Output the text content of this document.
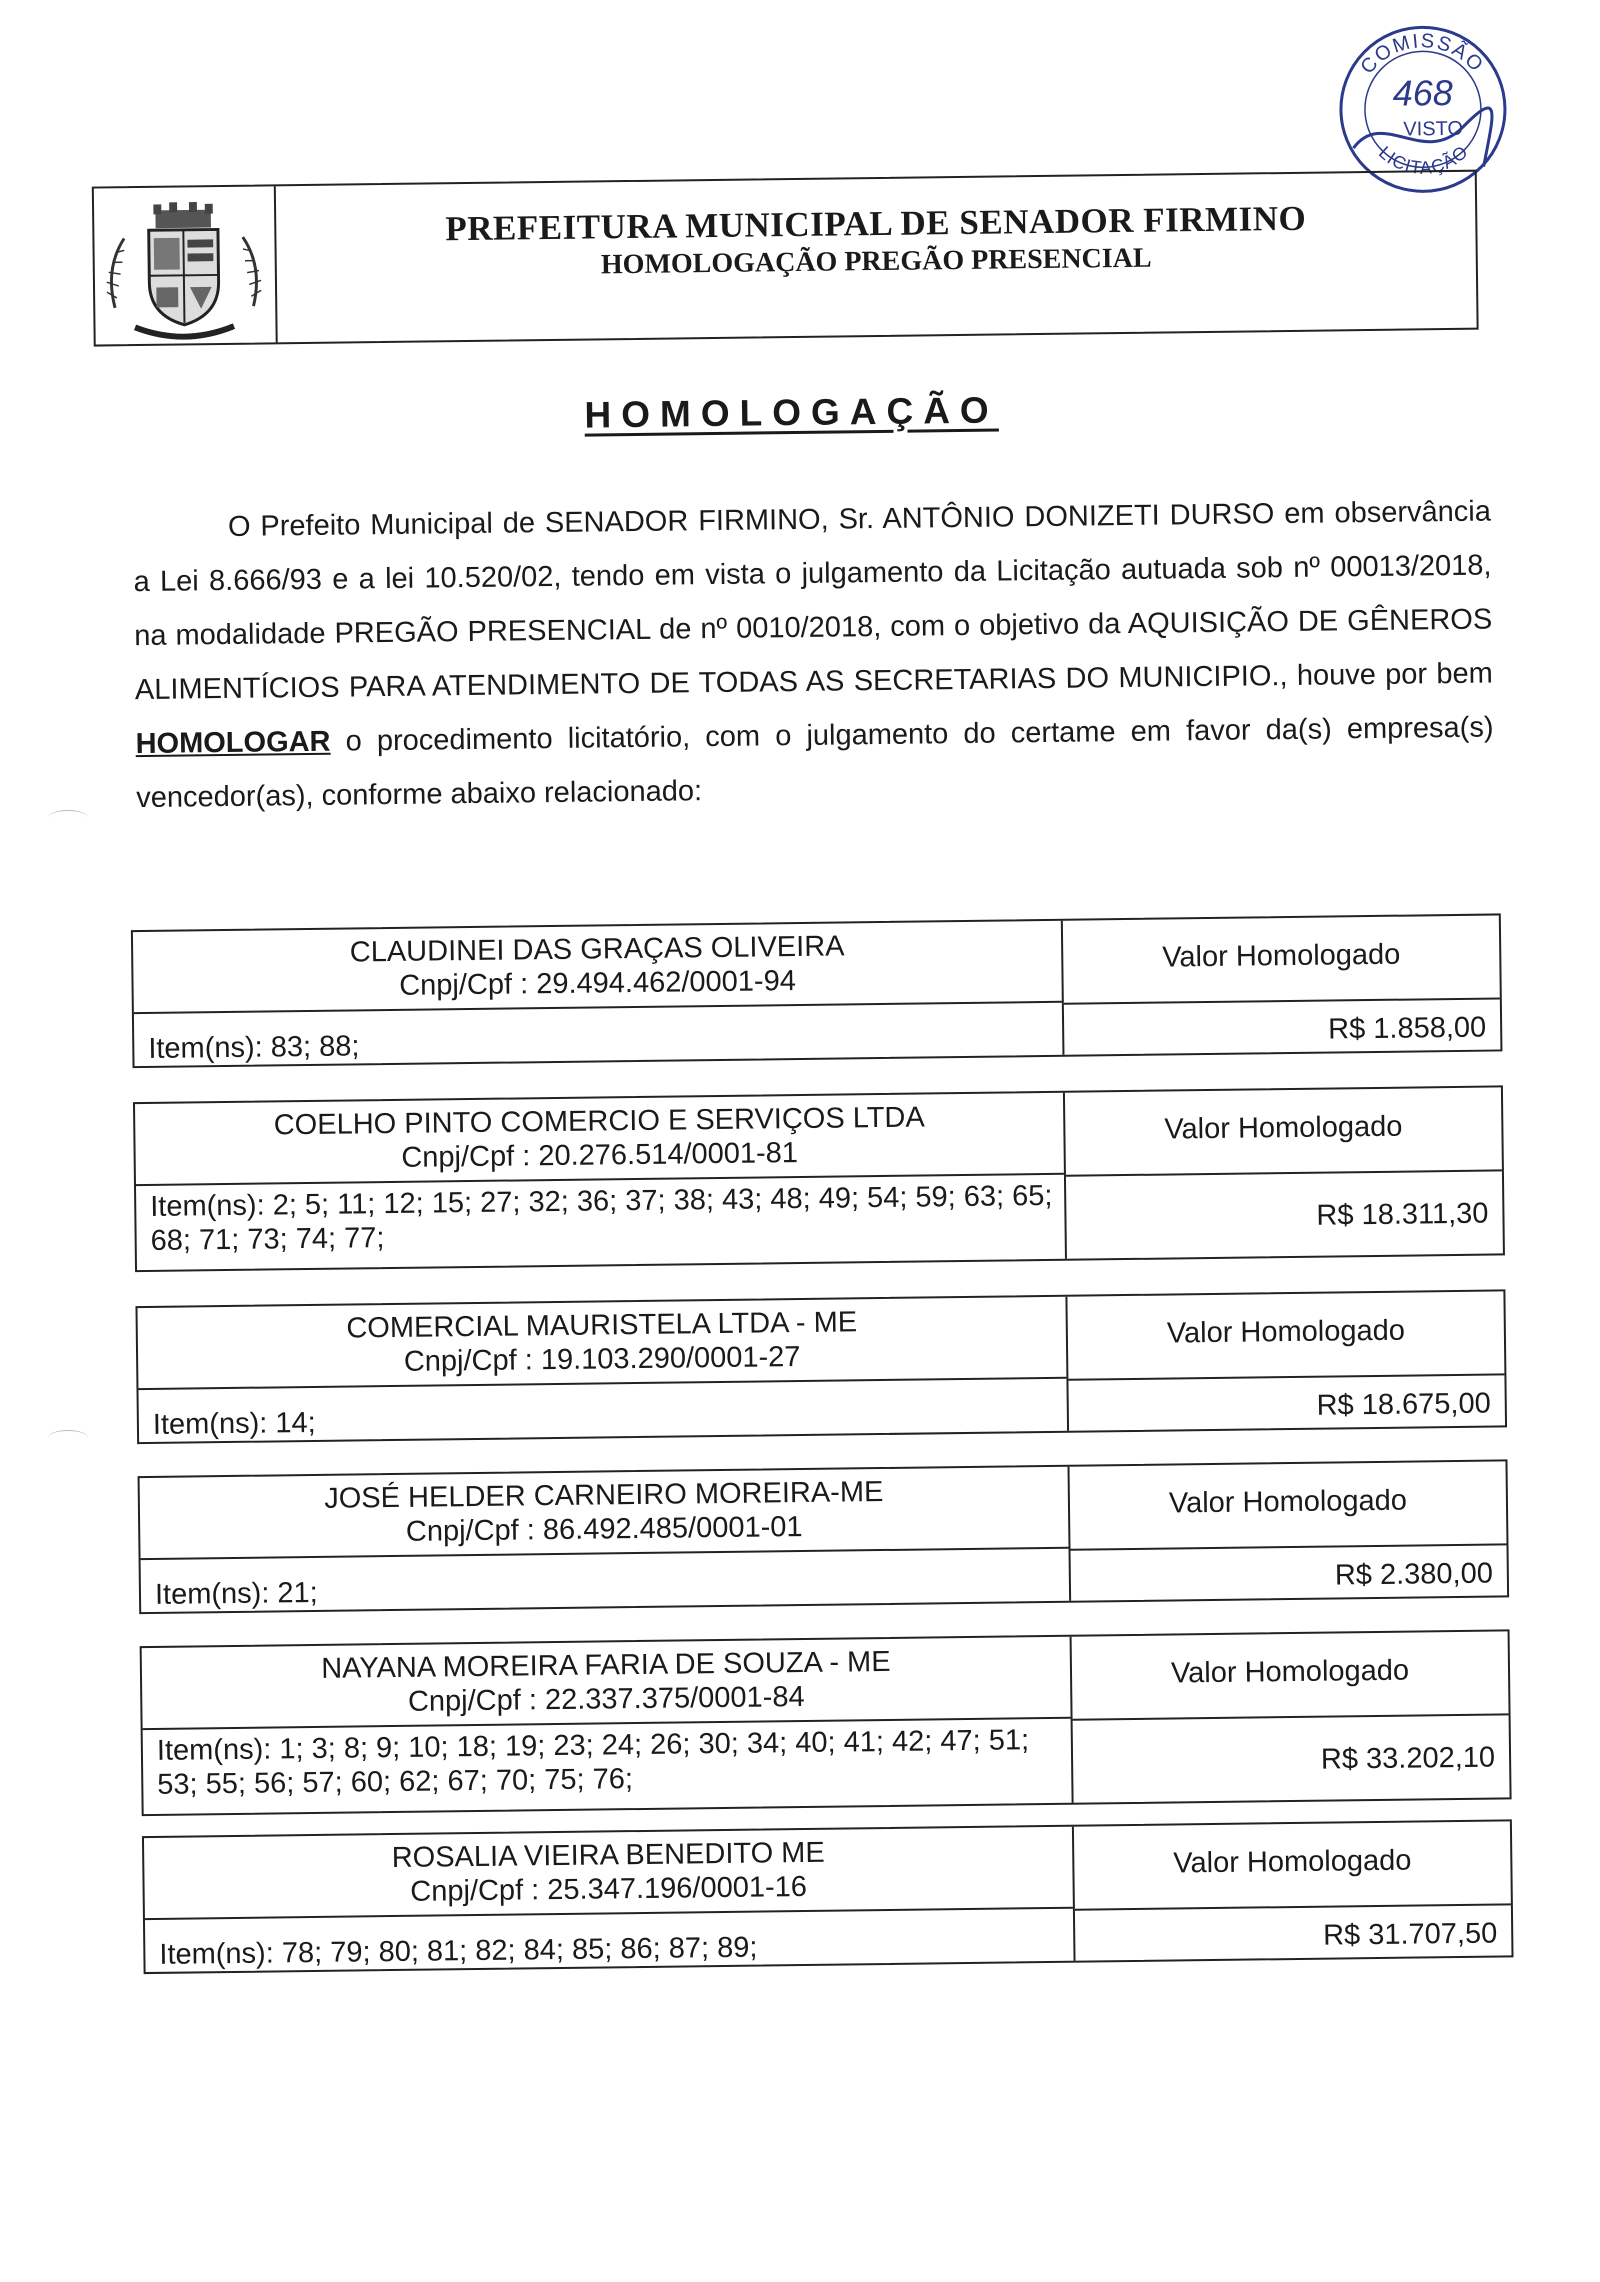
COMISSÃO
468
VISTO
LICITAÇÃO
PREFEITURA MUNICIPAL DE SENADOR FIRMINO
HOMOLOGAÇÃO PREGÃO PRESENCIAL
HOMOLOGAÇÃO
O Prefeito Municipal de SENADOR FIRMINO, Sr. ANTÔNIO DONIZETI DURSO em observância a Lei 8.666/93 e a lei 10.520/02, tendo em vista o julgamento da Licitação autuada sob nº 00013/2018, na modalidade PREGÃO PRESENCIAL de nº 0010/2018, com o objetivo da AQUISIÇÃO DE GÊNEROS ALIMENTÍCIOS PARA ATENDIMENTO DE TODAS AS SECRETARIAS DO MUNICIPIO., houve por bem HOMOLOGAR o procedimento licitatório, com o julgamento do certame em favor da(s) empresa(s) vencedor(as), conforme abaixo relacionado:
CLAUDINEI DAS GRAÇAS OLIVEIRA
Cnpj/Cpf : 29.494.462/0001-94
Item(ns): 83; 88;
Valor Homologado
R$ 1.858,00
COELHO PINTO COMERCIO E SERVIÇOS LTDA
Cnpj/Cpf : 20.276.514/0001-81
Item(ns): 2; 5; 11; 12; 15; 27; 32; 36; 37; 38; 43; 48; 49; 54; 59; 63; 65; 68; 71; 73; 74; 77;
Valor Homologado
R$ 18.311,30
COMERCIAL MAURISTELA LTDA - ME
Cnpj/Cpf : 19.103.290/0001-27
Item(ns): 14;
Valor Homologado
R$ 18.675,00
JOSÉ HELDER CARNEIRO MOREIRA-ME
Cnpj/Cpf : 86.492.485/0001-01
Item(ns): 21;
Valor Homologado
R$ 2.380,00
NAYANA MOREIRA FARIA DE SOUZA - ME
Cnpj/Cpf : 22.337.375/0001-84
Item(ns): 1; 3; 8; 9; 10; 18; 19; 23; 24; 26; 30; 34; 40; 41; 42; 47; 51; 53; 55; 56; 57; 60; 62; 67; 70; 75; 76;
Valor Homologado
R$ 33.202,10
ROSALIA VIEIRA BENEDITO ME
Cnpj/Cpf : 25.347.196/0001-16
Item(ns): 78; 79; 80; 81; 82; 84; 85; 86; 87; 89;
Valor Homologado
R$ 31.707,50
